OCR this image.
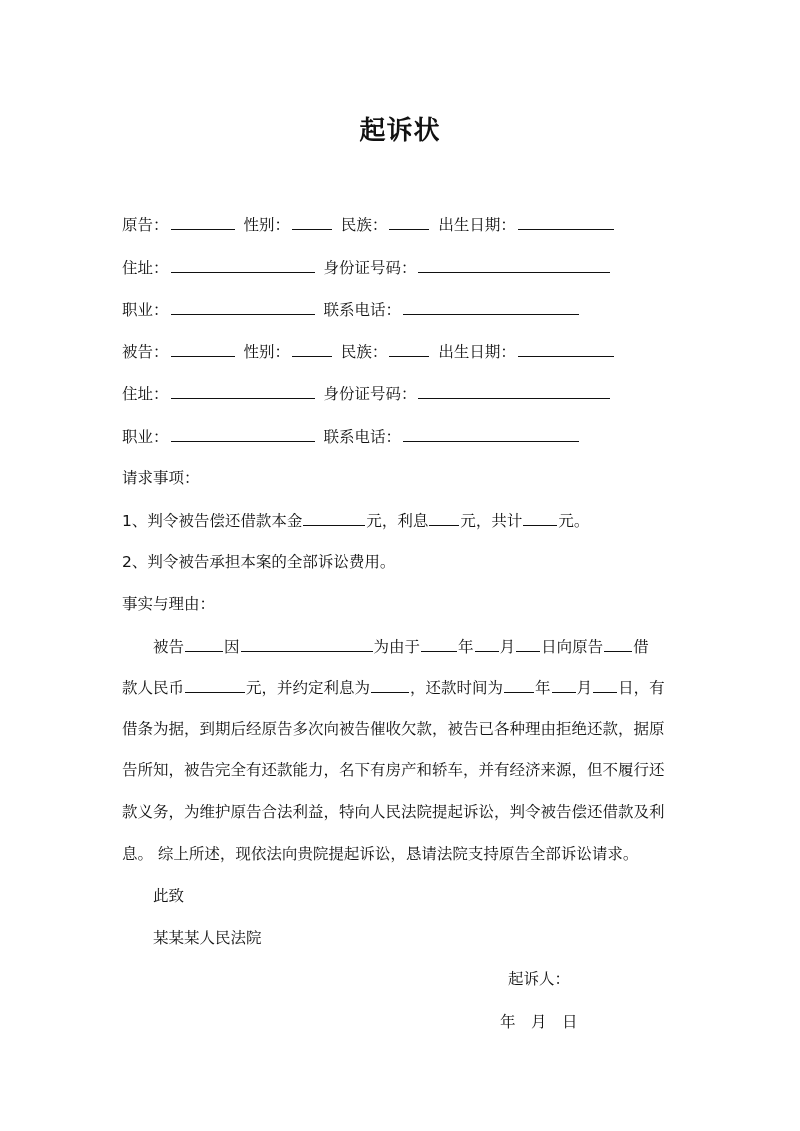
起诉状
原告：	性别：	民族：	出生日期：
住址：	身份证号码：
职业：	联系电话：
被告：	性别：	民族：	出生日期：
住址：	身份证号码：
职业：	联系电话：
请求事项：
1、判令被告偿还借款本金	元，利息 元，共计 元。
2、判令被告承担本案的全部诉讼费用。
事实与理由：
被告	因	为由于 年 月 日向原告 借
款人民币	元，并约定利息为	，还款时间为 年 月 日，有
借条为据，到期后经原告多次向被告催收欠款，被告已各种理由拒绝还款，据原
告所知，被告完全有还款能力，名下有房产和轿车，并有经济来源，但不履行还
款义务，为维护原告合法利益，特向人民法院提起诉讼，判令被告偿还借款及利
息。 综上所述，现依法向贵院提起诉讼，恳请法院支持原告全部诉讼请求。
此致
某某某人民法院
起诉人：
年　月　日
